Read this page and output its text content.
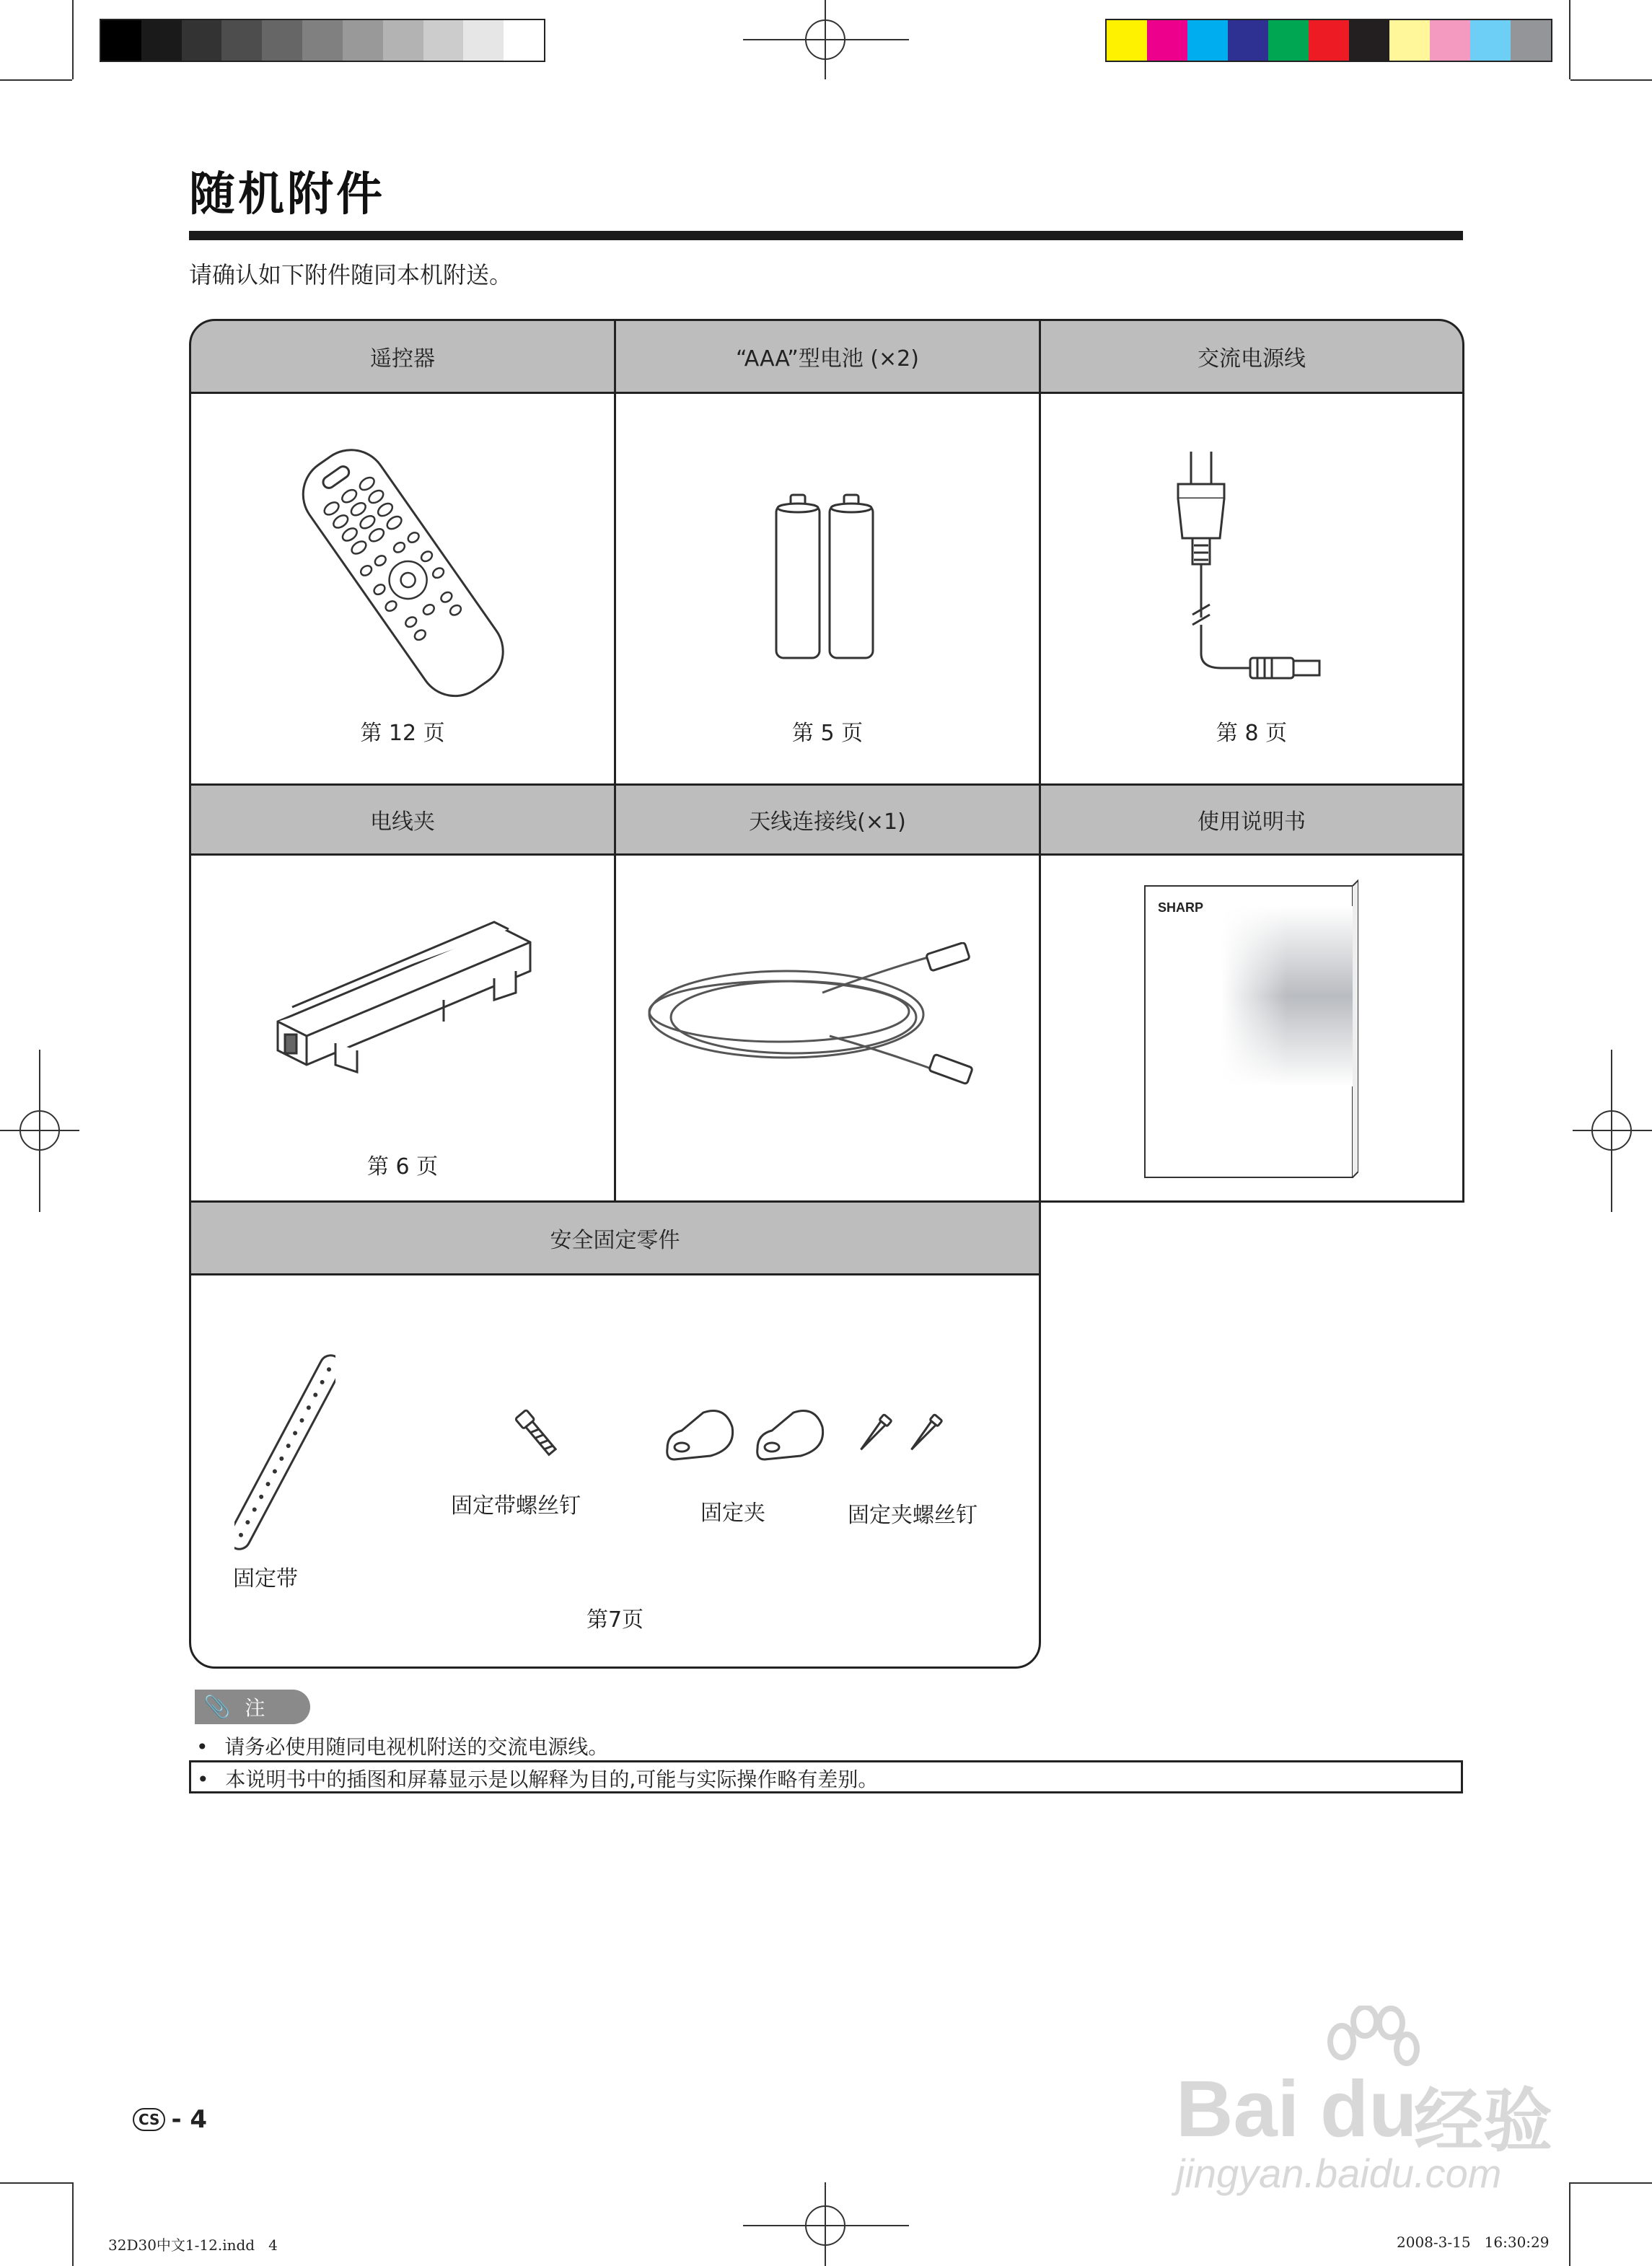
随机附件
请确认如下附件随同本机附送。
遥控器	“AAA”型电池 (×2)	交流电源线
第 12 页	第 5 页	第 8 页
电线夹	天线连接线(×1)	使用说明书
第 6 页
SHARP
安全固定零件
固定带
固定带螺丝钉	固定夹	固定夹螺丝钉
第7页
📎 注
• 请务必使用随同电视机附送的交流电源线。
• 本说明书中的插图和屏幕显示是以解释为目的,可能与实际操作略有差别。
CS - 4
32D30中文1-12.indd   4	2008-3-15   16:30:29
Bai du
经验
jingyan.baidu.com
